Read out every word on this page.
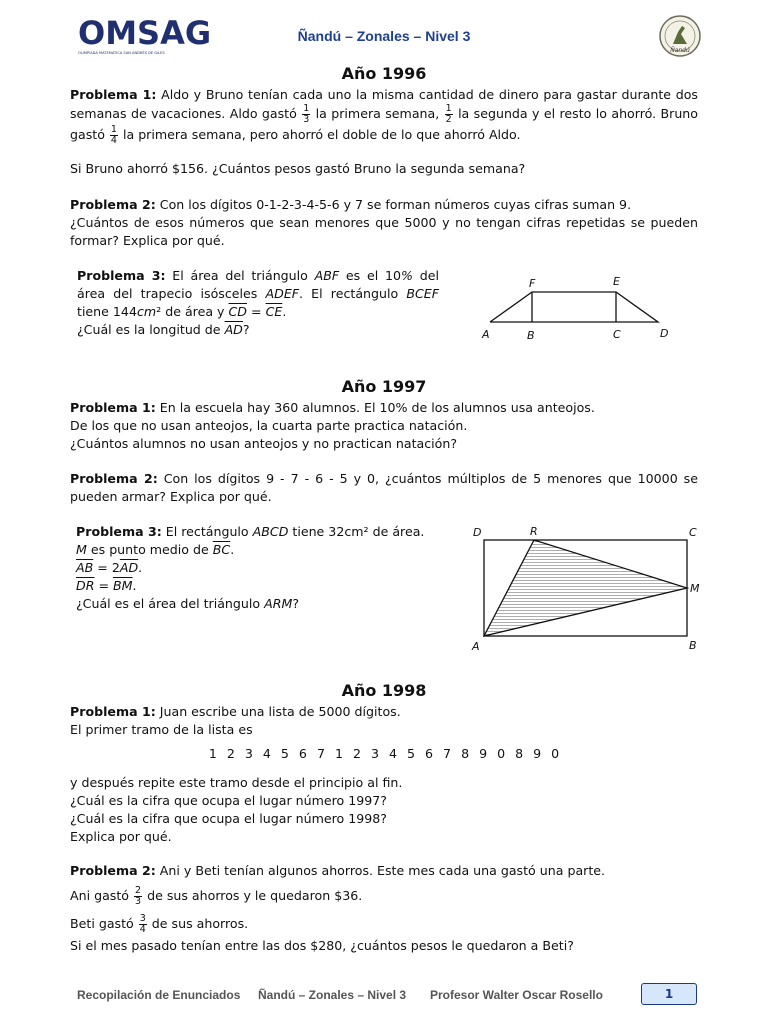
OMSAG
OLIMPIADA MATEMÁTICA SAN ANDRÉS DE GILES
Ñandú – Zonales – Nivel 3
Ñandú
Año 1996
Problema 1: Aldo y Bruno tenían cada uno la misma cantidad de dinero para gastar durante dos semanas de vacaciones. Aldo gastó $\frac{1}{3}$ la primera semana, $\frac{1}{2}$ la segunda y el resto lo ahorró. Bruno gastó $\frac{1}{4}$ la primera semana, pero ahorró el doble de lo que ahorró Aldo.
Si Bruno ahorró $156. ¿Cuántos pesos gastó Bruno la segunda semana?
Problema 2: Con los dígitos 0-1-2-3-4-5-6 y 7 se forman números cuyas cifras suman 9.
¿Cuántos de esos números que sean menores que 5000 y no tengan cifras repetidas se pueden formar? Explica por qué.
Problema 3: El área del triángulo ABF es el 10% del área del trapecio isósceles ADEF. El rectángulo BCEF tiene 144cm² de área y $\overline{CD} = \overline{CE}$.
¿Cuál es la longitud de $\overline{AD}$?	A	B	C	D
E
F
Año 1997
Problema 1: En la escuela hay 360 alumnos. El 10% de los alumnos usa anteojos.
De los que no usan anteojos, la cuarta parte practica natación.
¿Cuántos alumnos no usan anteojos y no practican natación?
Problema 2: Con los dígitos 9 - 7 - 6 - 5 y 0, ¿cuántos múltiplos de 5 menores que 10000 se pueden armar? Explica por qué.
Problema 3: El rectángulo ABCD tiene 32cm² de área.
M es punto medio de $\overline{BC}$.
$\overline{AB} = 2\overline{AD}$.
$\overline{DR} = \overline{BM}$.
¿Cuál es el área del triángulo ARM?
D	R	C
M
B
A
Año 1998
Problema 1: Juan escribe una lista de 5000 dígitos.
El primer tramo de la lista es
1 2 3 4 5 6 7 1 2 3 4 5 6 7 8 9 0 8 9 0
y después repite este tramo desde el principio al fin.
¿Cuál es la cifra que ocupa el lugar número 1997?
¿Cuál es la cifra que ocupa el lugar número 1998?
Explica por qué.
Problema 2: Ani y Beti tenían algunos ahorros. Este mes cada una gastó una parte.
Ani gastó $\frac{2}{3}$ de sus ahorros y le quedaron $36.
Beti gastó $\frac{3}{4}$ de sus ahorros.
Si el mes pasado tenían entre las dos $280, ¿cuántos pesos le quedaron a Beti?
Recopilación de Enunciados Ñandú – Zonales – Nivel 3 Profesor Walter Oscar Rosello	1
